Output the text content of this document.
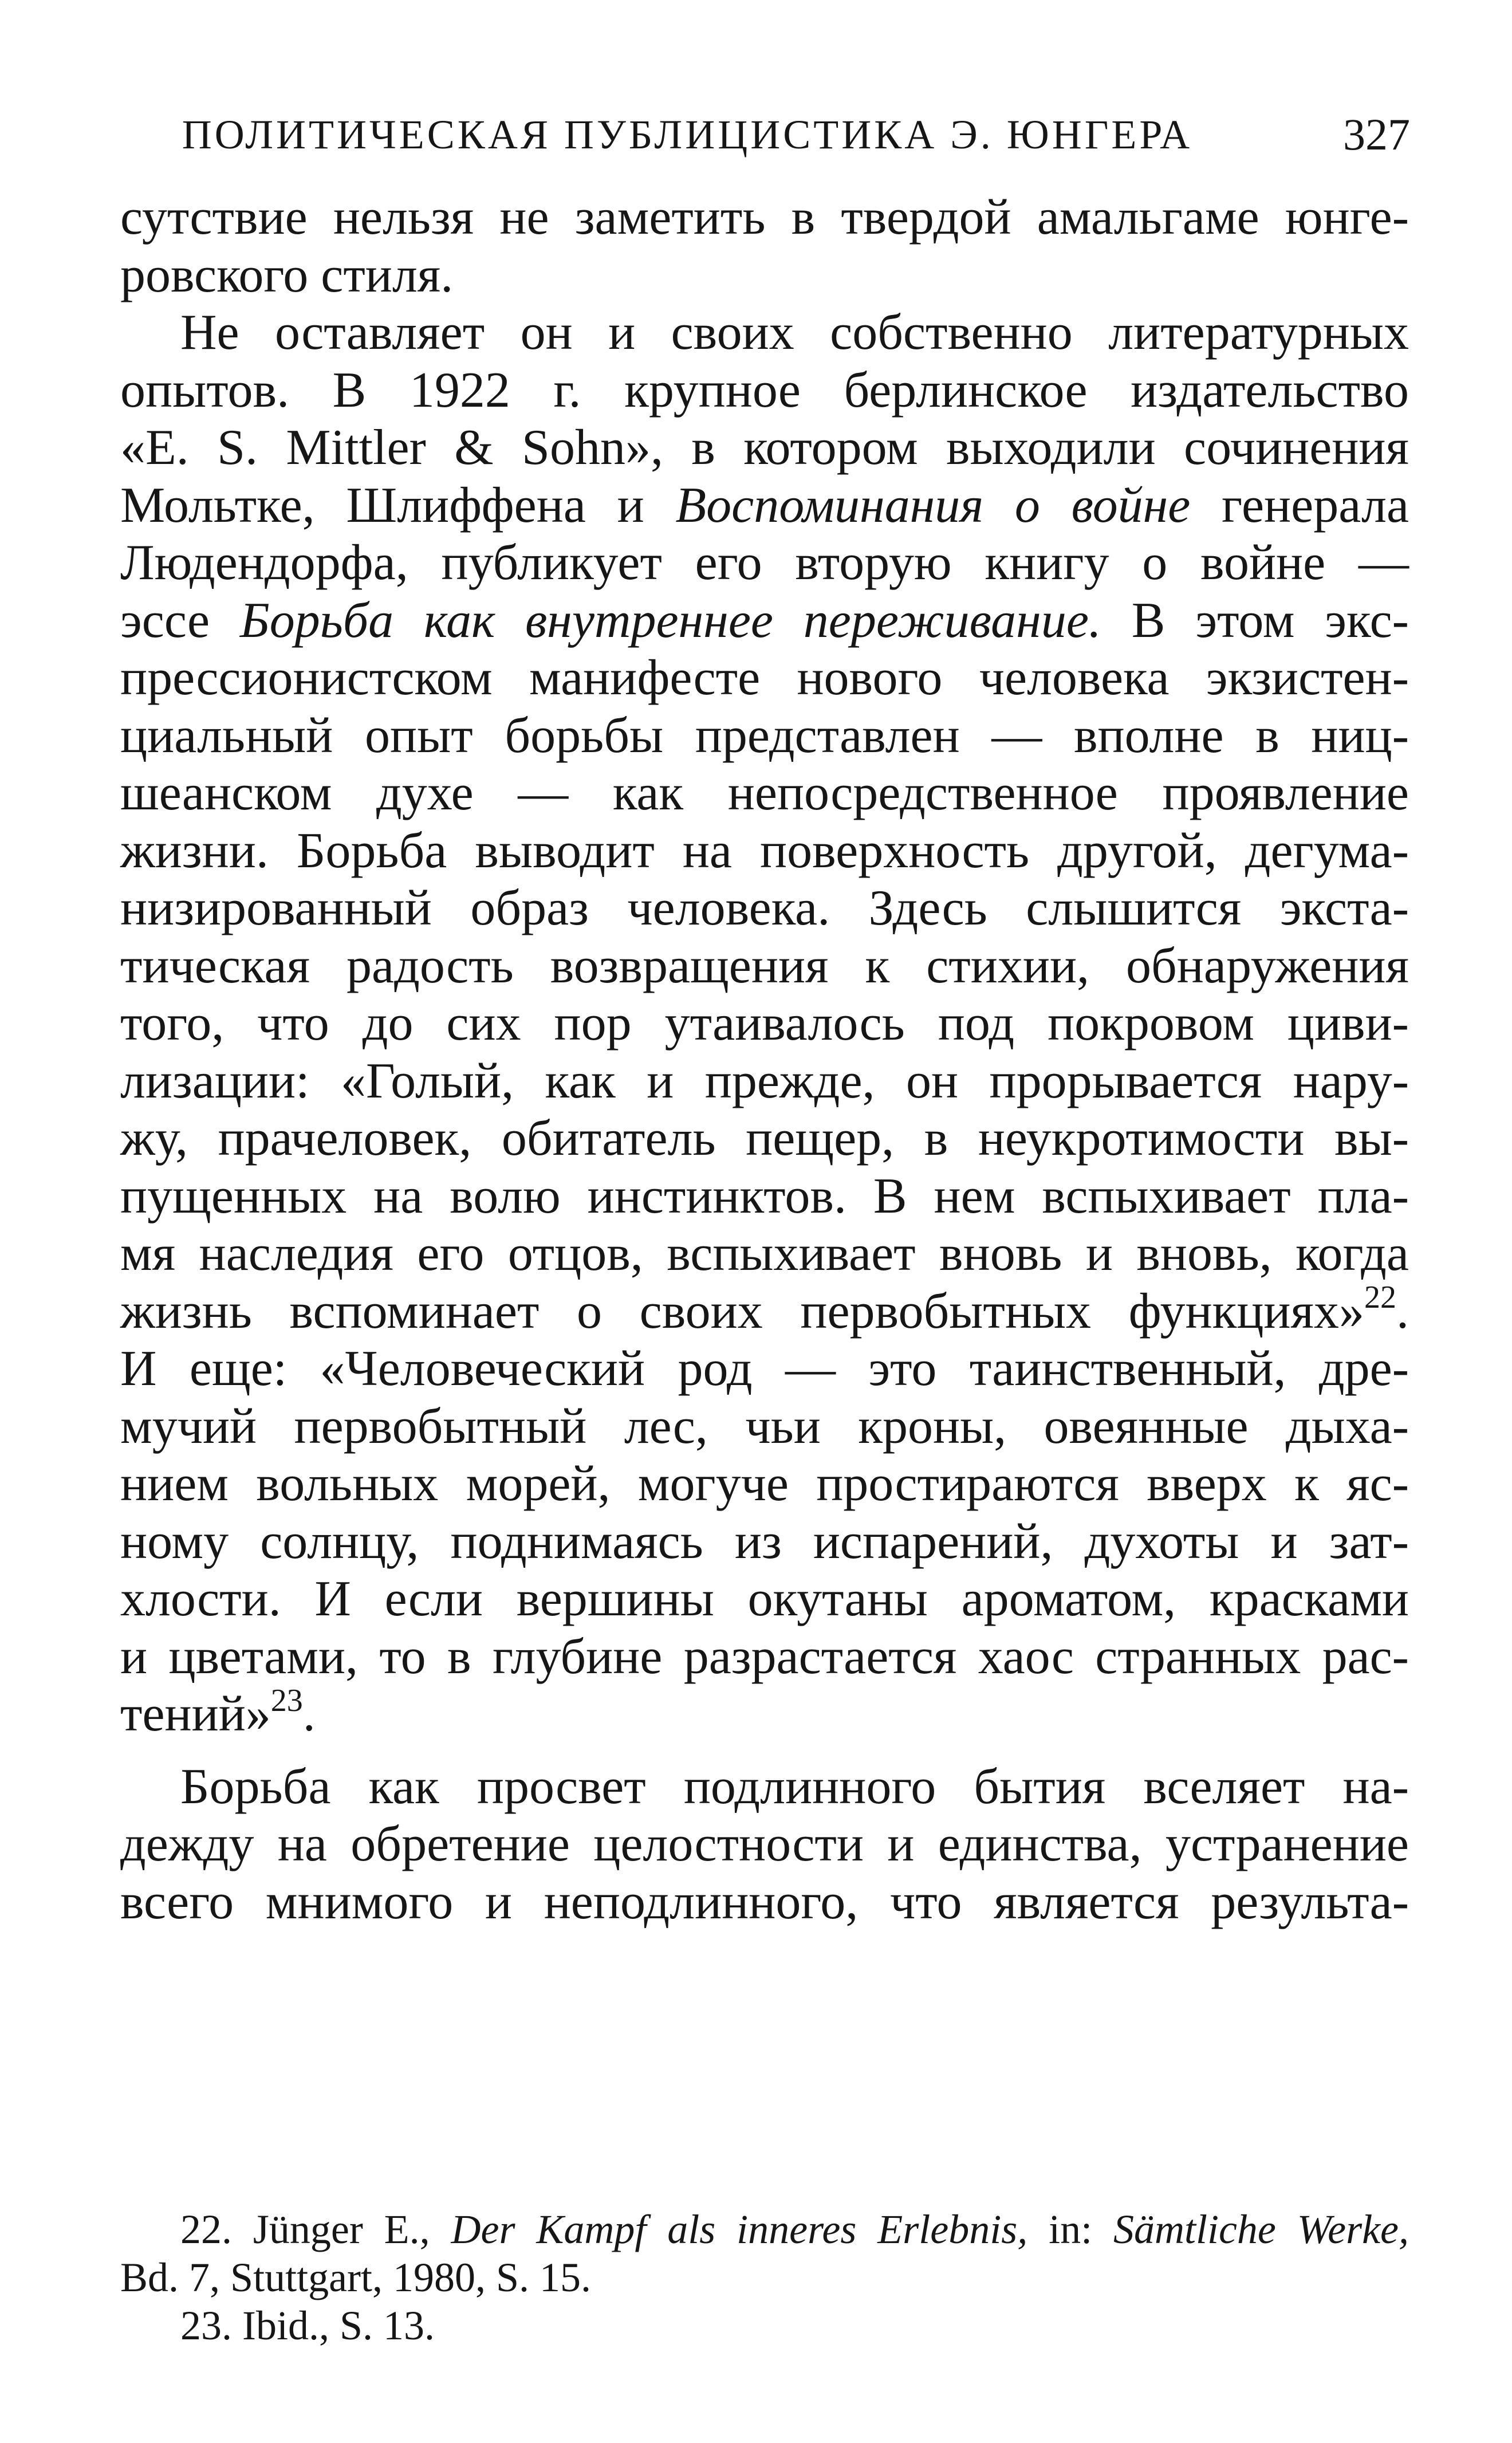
ПОЛИТИЧЕСКАЯ ПУБЛИЦИСТИКА Э. ЮНГЕРА	327
сутствие нельзя не заметить в твердой амальгаме юнге-
ровского стиля.
Не оставляет он и своих собственно литературных
опытов. В 1922 г. крупное берлинское издательство
«E. S. Mittler & Sohn», в котором выходили сочинения
Мольтке, Шлиффена и Воспоминания о войне генерала
Людендорфа, публикует его вторую книгу о войне —
эссе Борьба как внутреннее переживание. В этом экс-
прессионистском манифесте нового человека экзистен-
циальный опыт борьбы представлен — вполне в ниц-
шеанском духе — как непосредственное проявление
жизни. Борьба выводит на поверхность другой, дегума-
низированный образ человека. Здесь слышится экста-
тическая радость возвращения к стихии, обнаружения
того, что до сих пор утаивалось под покровом циви-
лизации: «Голый, как и прежде, он прорывается нару-
жу, прачеловек, обитатель пещер, в неукротимости вы-
пущенных на волю инстинктов. В нем вспыхивает пла-
мя наследия его отцов, вспыхивает вновь и вновь, когда
жизнь вспоминает о своих первобытных функциях»$^{22}$.
И еще: «Человеческий род — это таинственный, дре-
мучий первобытный лес, чьи кроны, овеянные дыха-
нием вольных морей, могуче простираются вверх к яс-
ному солнцу, поднимаясь из испарений, духоты и зат-
хлости. И если вершины окутаны ароматом, красками
и цветами, то в глубине разрастается хаос странных рас-
тений»$^{23}$.
Борьба как просвет подлинного бытия вселяет на-
дежду на обретение целостности и единства, устранение
всего мнимого и неподлинного, что является результа-
22. Jünger E., Der Kampf als inneres Erlebnis, in: Sämtliche Werke,
Bd. 7, Stuttgart, 1980, S. 15.
23. Ibid., S. 13.
